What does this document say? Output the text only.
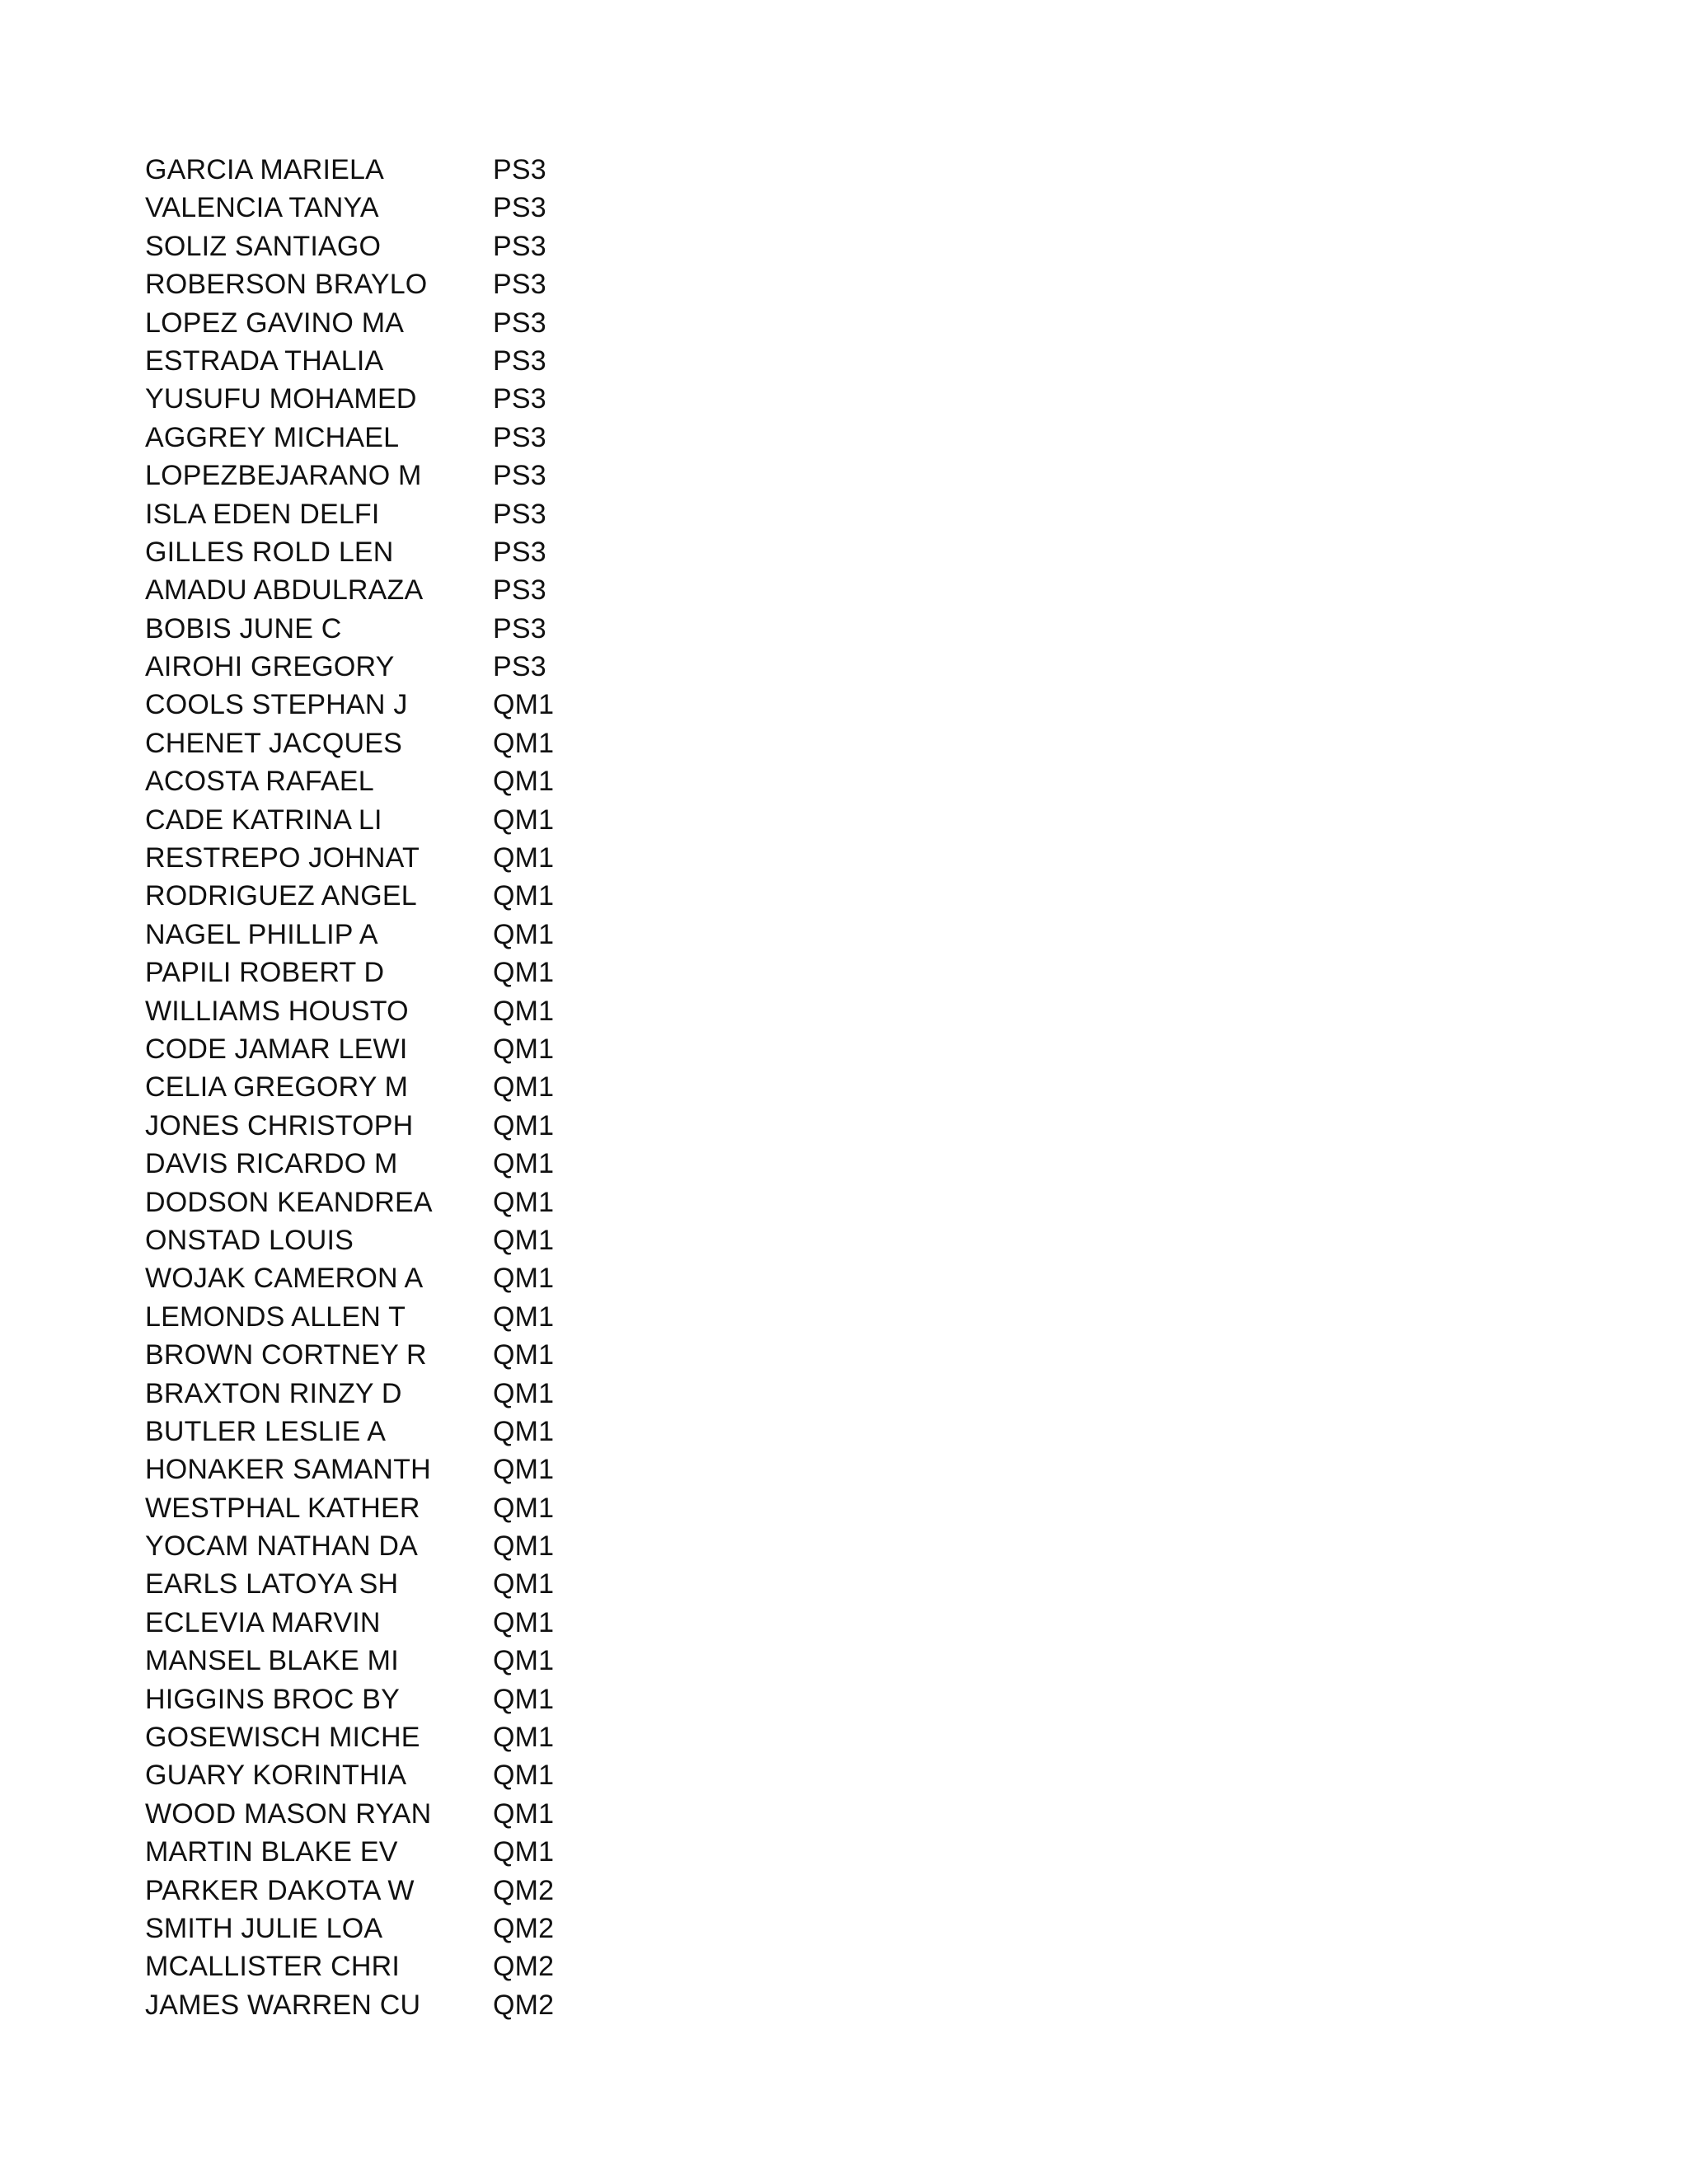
GARCIA MARIELA	PS3
VALENCIA TANYA	PS3
SOLIZ SANTIAGO	PS3
ROBERSON BRAYLO	PS3
LOPEZ GAVINO MA	PS3
ESTRADA THALIA	PS3
YUSUFU MOHAMED	PS3
AGGREY MICHAEL	PS3
LOPEZBEJARANO M	PS3
ISLA EDEN DELFI	PS3
GILLES ROLD LEN	PS3
AMADU ABDULRAZA	PS3
BOBIS JUNE C	PS3
AIROHI GREGORY	PS3
COOLS STEPHAN J	QM1
CHENET JACQUES	QM1
ACOSTA RAFAEL	QM1
CADE KATRINA LI	QM1
RESTREPO JOHNAT	QM1
RODRIGUEZ ANGEL	QM1
NAGEL PHILLIP A	QM1
PAPILI ROBERT D	QM1
WILLIAMS HOUSTO	QM1
CODE JAMAR LEWI	QM1
CELIA GREGORY M	QM1
JONES CHRISTOPH	QM1
DAVIS RICARDO M	QM1
DODSON KEANDREA	QM1
ONSTAD LOUIS	QM1
WOJAK CAMERON A	QM1
LEMONDS ALLEN T	QM1
BROWN CORTNEY R	QM1
BRAXTON RINZY D	QM1
BUTLER LESLIE A	QM1
HONAKER SAMANTH	QM1
WESTPHAL KATHER	QM1
YOCAM NATHAN DA	QM1
EARLS LATOYA SH	QM1
ECLEVIA MARVIN	QM1
MANSEL BLAKE MI	QM1
HIGGINS BROC BY	QM1
GOSEWISCH MICHE	QM1
GUARY KORINTHIA	QM1
WOOD MASON RYAN	QM1
MARTIN BLAKE EV	QM1
PARKER DAKOTA W	QM2
SMITH JULIE LOA	QM2
MCALLISTER CHRI	QM2
JAMES WARREN CU	QM2
